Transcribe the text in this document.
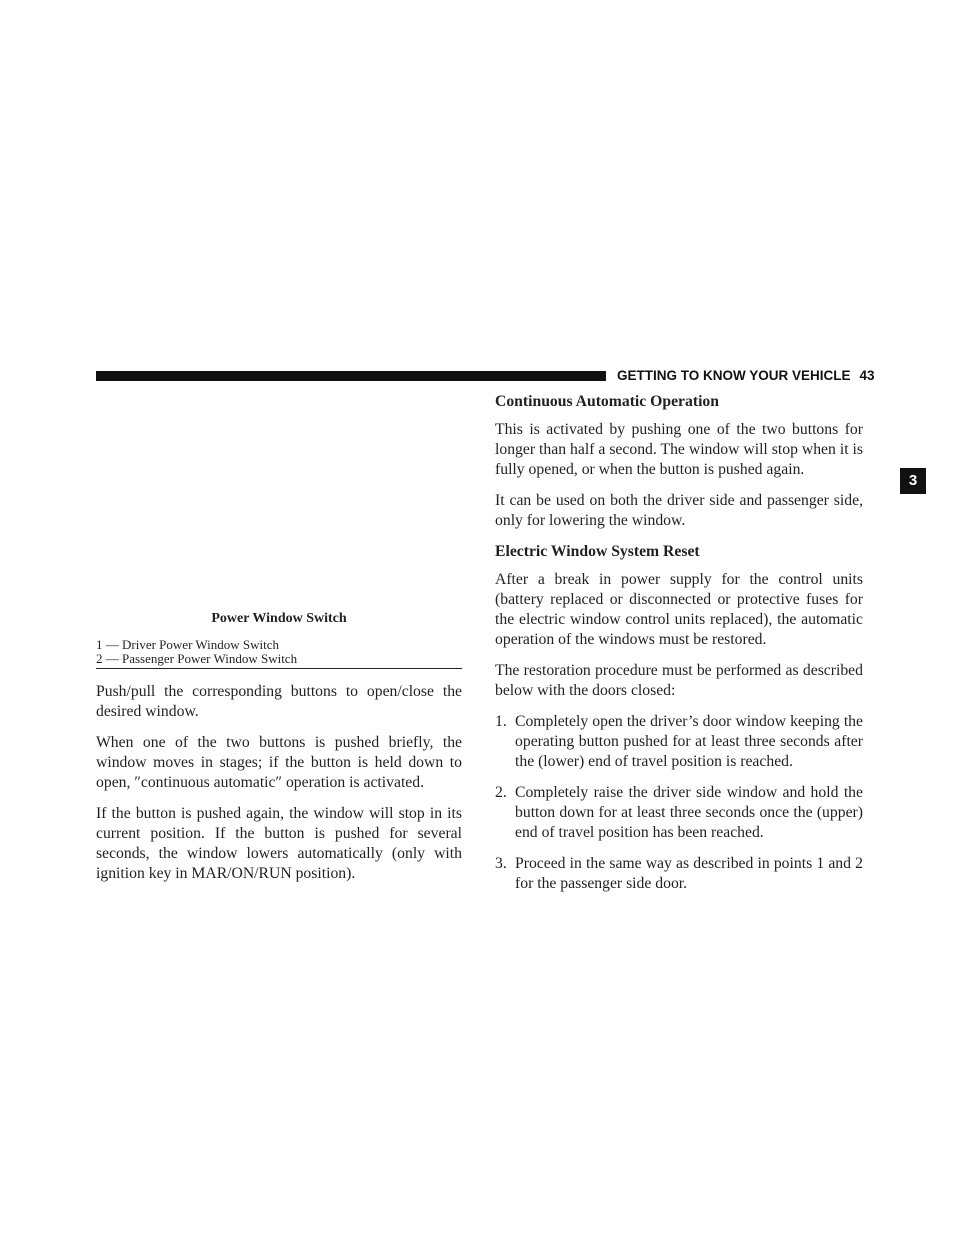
GETTING TO KNOW YOUR VEHICLE 43
3
Power Window Switch
1 — Driver Power Window Switch
2 — Passenger Power Window Switch

Push/pull the corresponding buttons to open/close the desired window.

When one of the two buttons is pushed briefly, the window moves in stages; if the button is held down to open, ″continuous automatic″ operation is activated.

If the button is pushed again, the window will stop in its current position. If the button is pushed for several seconds, the window lowers automatically (only with ignition key in MAR/ON/RUN position).

Continuous Automatic Operation

This is activated by pushing one of the two buttons for longer than half a second. The window will stop when it is fully opened, or when the button is pushed again.

It can be used on both the driver side and passenger side, only for lowering the window.

Electric Window System Reset

After a break in power supply for the control units (battery replaced or disconnected or protective fuses for the electric window control units replaced), the automatic operation of the windows must be restored.

The restoration procedure must be performed as described below with the doors closed:

1. Completely open the driver’s door window keeping the operating button pushed for at least three seconds after the (lower) end of travel position is reached.
2. Completely raise the driver side window and hold the button down for at least three seconds once the (upper) end of travel position has been reached.
3. Proceed in the same way as described in points 1 and 2 for the passenger side door.
